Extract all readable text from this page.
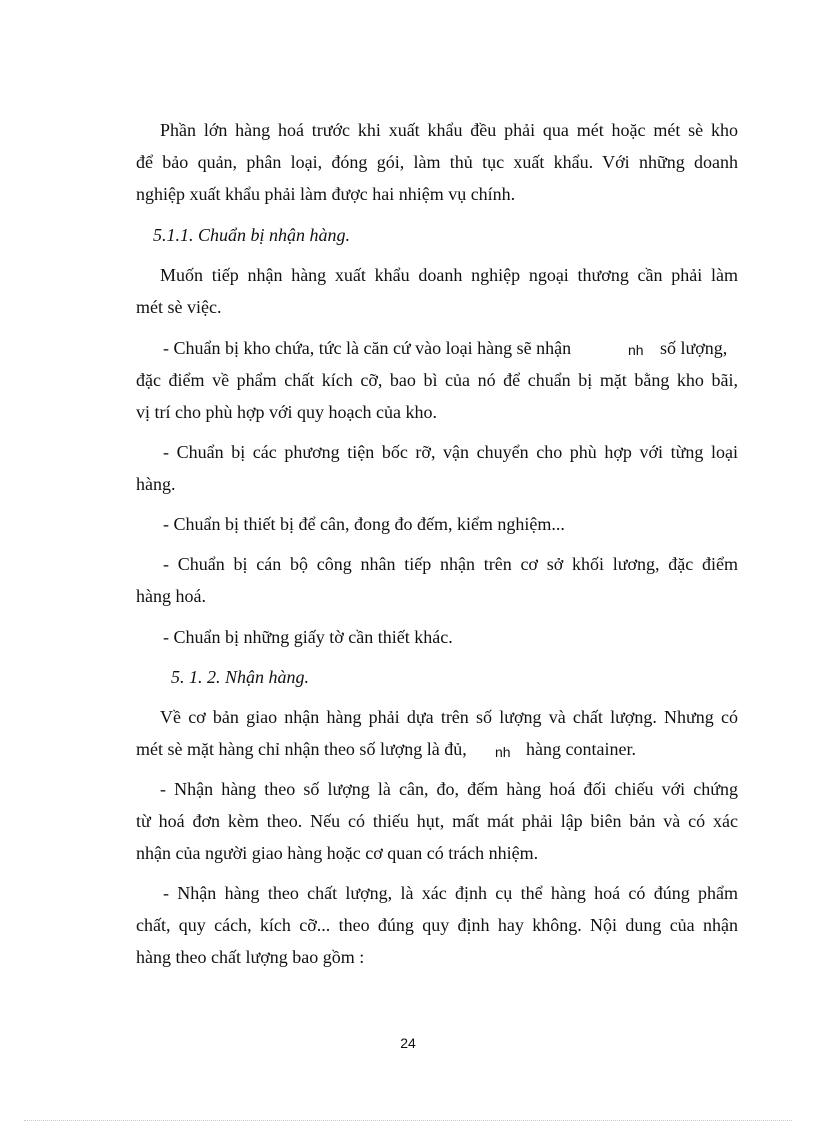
Phần lớn hàng hoá trước khi xuất khẩu đều phải qua mét hoặc mét sè kho
để bảo quản, phân loại, đóng gói, làm thủ tục xuất khẩu. Với những doanh
nghiệp xuất khẩu phải làm được hai nhiệm vụ chính.
5.1.1. Chuẩn bị nhận hàng.
Muốn tiếp nhận hàng xuất khẩu doanh nghiệp ngoại thương cần phải làm
mét sè việc.
- Chuẩn bị kho chứa, tức là căn cứ vào loại hàng sẽ nhận	nh số lượng,
đặc điểm về phẩm chất kích cỡ, bao bì của nó để chuẩn bị mặt bằng kho bãi,
vị trí cho phù hợp với quy hoạch của kho.
- Chuẩn bị các phương tiện bốc rỡ, vận chuyển cho phù hợp với từng loại
hàng.
- Chuẩn bị thiết bị để cân, đong đo đếm, kiểm nghiệm...
- Chuẩn bị cán bộ công nhân tiếp nhận trên cơ sở khối lương, đặc điểm
hàng hoá.
- Chuẩn bị những giấy tờ cần thiết khác.
5. 1. 2. Nhận hàng.
Về cơ bản giao nhận hàng phải dựa trên số lượng và chất lượng. Nhưng có
mét sè mặt hàng chỉ nhận theo số lượng là đủ, nh hàng container.
- Nhận hàng theo số lượng là cân, đo, đếm hàng hoá đối chiếu với chứng
từ hoá đơn kèm theo. Nếu có thiếu hụt, mất mát phải lập biên bản và có xác
nhận của người giao hàng hoặc cơ quan có trách nhiệm.
- Nhận hàng theo chất lượng, là xác định cụ thể hàng hoá có đúng phẩm
chất, quy cách, kích cỡ... theo đúng quy định hay không. Nội dung của nhận
hàng theo chất lượng bao gồm :
24
